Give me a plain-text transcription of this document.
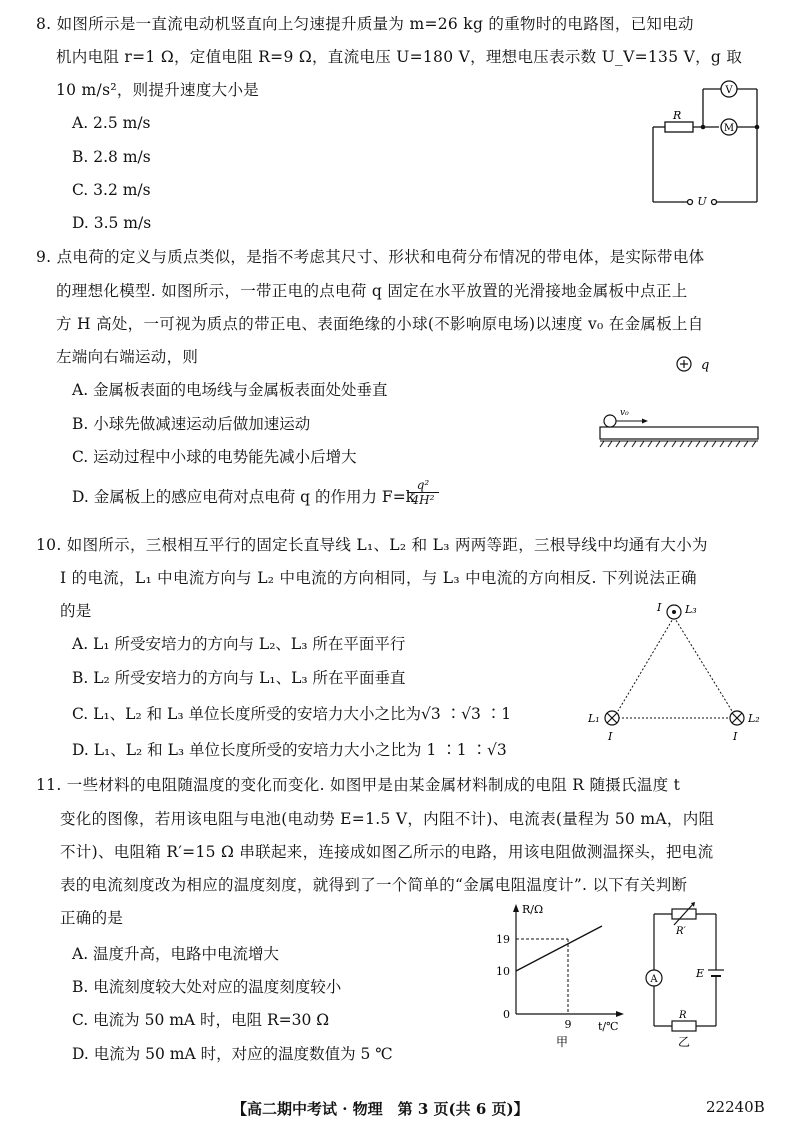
8. 如图所示是一直流电动机竖直向上匀速提升质量为 m=26 kg 的重物时的电路图，已知电动
机内电阻 r=1 Ω，定值电阻 R=9 Ω，直流电压 U=180 V，理想电压表示数 U_V=135 V，g 取
10 m/s²，则提升速度大小是
A. 2.5 m/s
B. 2.8 m/s
C. 3.2 m/s
D. 3.5 m/s
R
V
M
U
9. 点电荷的定义与质点类似，是指不考虑其尺寸、形状和电荷分布情况的带电体，是实际带电体
的理想化模型. 如图所示，一带正电的点电荷 q 固定在水平放置的光滑接地金属板中点正上
方 H 高处，一可视为质点的带正电、表面绝缘的小球(不影响原电场)以速度 v₀ 在金属板上自
左端向右端运动，则
A. 金属板表面的电场线与金属板表面处处垂直
B. 小球先做减速运动后做加速运动
C. 运动过程中小球的电势能先减小后增大
D. 金属板上的感应电荷对点电荷 q 的作用力 F=k
$\frac{\text{q²}}{\text{4H²}}$
q
v₀
10. 如图所示，三根相互平行的固定长直导线 L₁、L₂ 和 L₃ 两两等距，三根导线中均通有大小为
I 的电流，L₁ 中电流方向与 L₂ 中电流的方向相同，与 L₃ 中电流的方向相反. 下列说法正确
的是
A. L₁ 所受安培力的方向与 L₂、L₃ 所在平面平行
B. L₂ 所受安培力的方向与 L₁、L₃ 所在平面垂直
C. L₁、L₂ 和 L₃ 单位长度所受的安培力大小之比为√3 ∶√3 ∶1
D. L₁、L₂ 和 L₃ 单位长度所受的安培力大小之比为 1 ∶1 ∶√3
I L₃
L₁
I
L₂
I
11. 一些材料的电阻随温度的变化而变化. 如图甲是由某金属材料制成的电阻 R 随摄氏温度 t
变化的图像，若用该电阻与电池(电动势 E=1.5 V，内阻不计)、电流表(量程为 50 mA，内阻
不计)、电阻箱 R′=15 Ω 串联起来，连接成如图乙所示的电路，用该电阻做测温探头，把电流
表的电流刻度改为相应的温度刻度，就得到了一个简单的“金属电阻温度计”. 以下有关判断
正确的是
A. 温度升高，电路中电流增大
B. 电流刻度较大处对应的温度刻度较小
C. 电流为 50 mA 时，电阻 R=30 Ω
D. 电流为 50 mA 时，对应的温度数值为 5 ℃
R/Ω
t/℃
19
10
0
9
甲
R′
A	E
R
乙
【高二期中考试 · 物理　第 3 页(共 6 页)】	22240B
